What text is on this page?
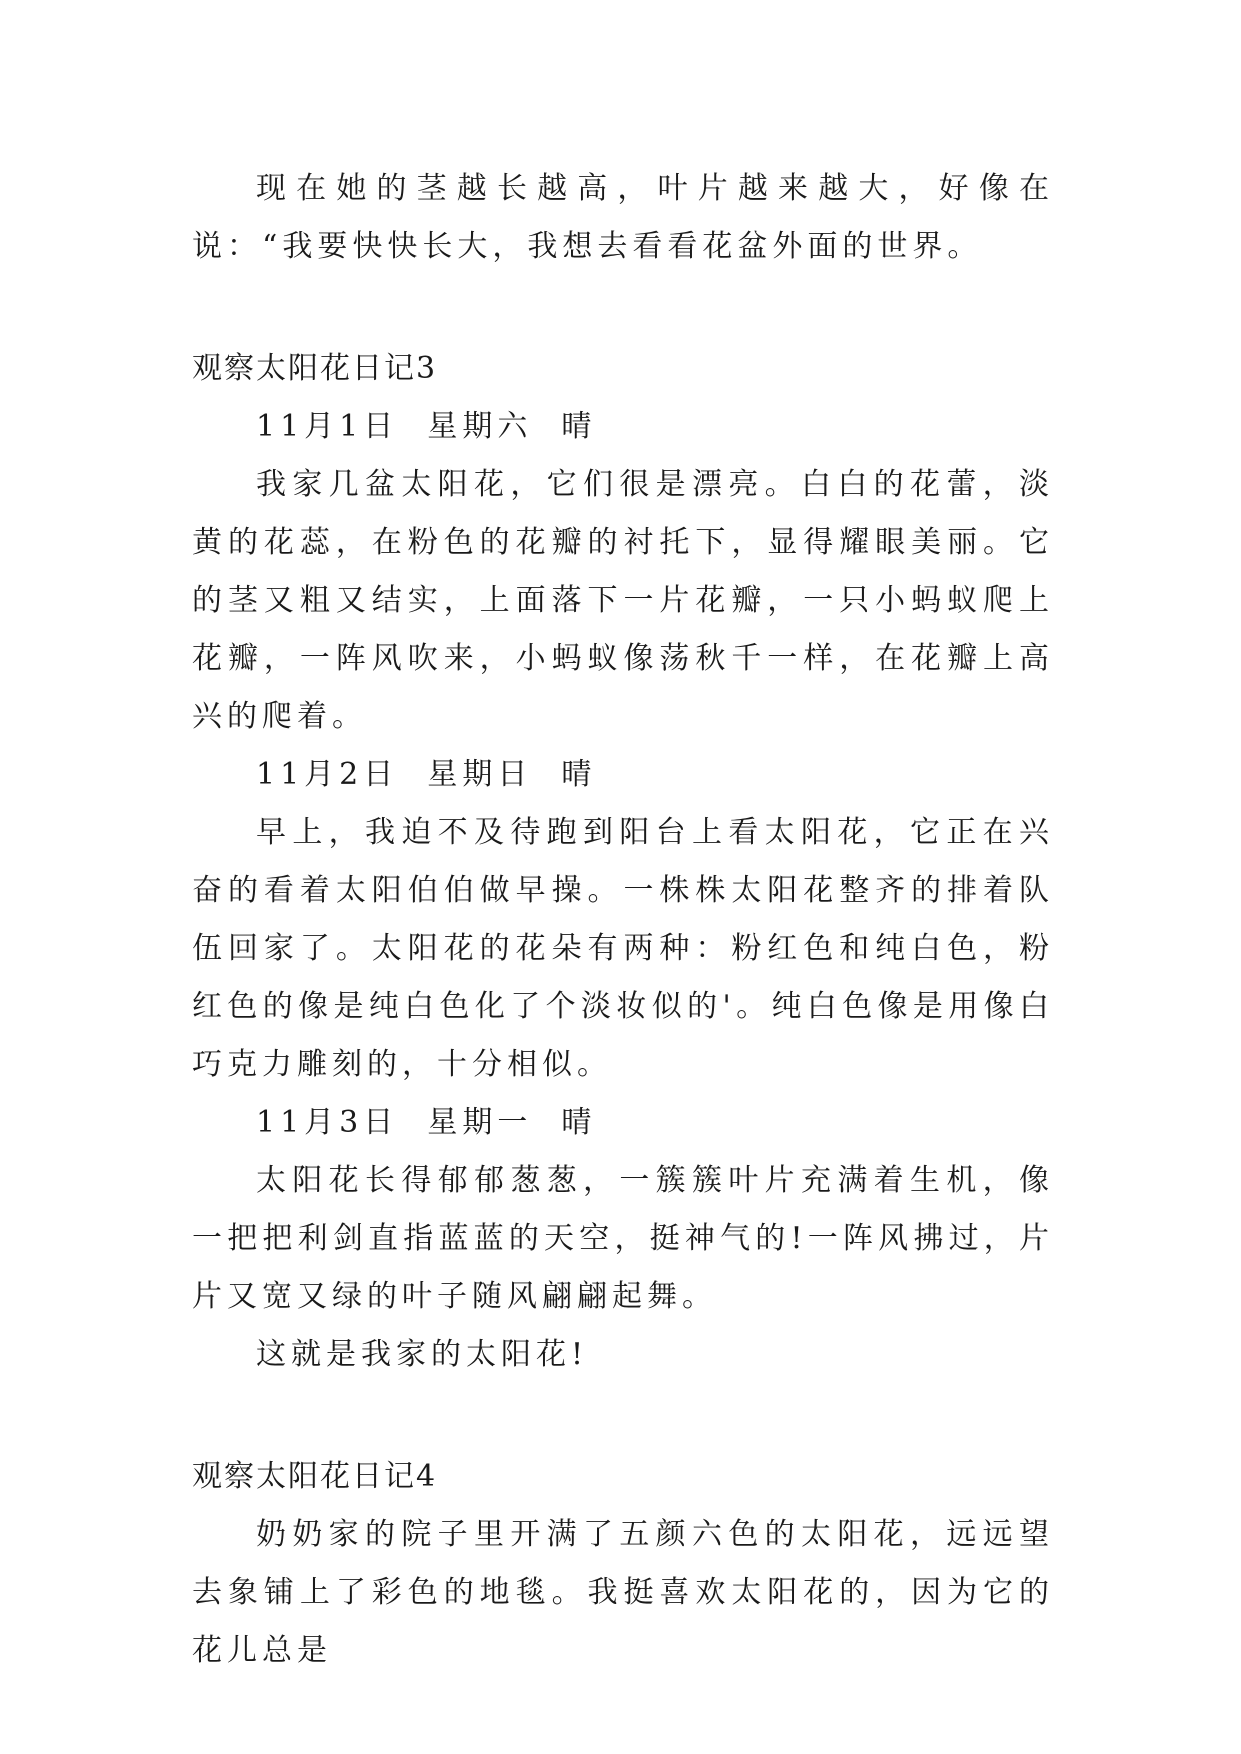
现在她的茎越长越高，叶片越来越大，好像在说：“我要快快长大，我想去看看花盆外面的世界。

观察太阳花日记3

11月1日  星期六  晴

我家几盆太阳花，它们很是漂亮。白白的花蕾，淡黄的花蕊，在粉色的花瓣的衬托下，显得耀眼美丽。它的茎又粗又结实，上面落下一片花瓣，一只小蚂蚁爬上花瓣，一阵风吹来，小蚂蚁像荡秋千一样，在花瓣上高兴的爬着。

11月2日  星期日  晴

早上，我迫不及待跑到阳台上看太阳花，它正在兴奋的看着太阳伯伯做早操。一株株太阳花整齐的排着队伍回家了。太阳花的花朵有两种：粉红色和纯白色，粉红色的像是纯白色化了个淡妆似的'。纯白色像是用像白巧克力雕刻的，十分相似。

11月3日  星期一  晴

太阳花长得郁郁葱葱，一簇簇叶片充满着生机，像一把把利剑直指蓝蓝的天空，挺神气的!一阵风拂过，片片又宽又绿的叶子随风翩翩起舞。

这就是我家的太阳花!

观察太阳花日记4

奶奶家的院子里开满了五颜六色的太阳花，远远望去象铺上了彩色的地毯。我挺喜欢太阳花的，因为它的花儿总是
